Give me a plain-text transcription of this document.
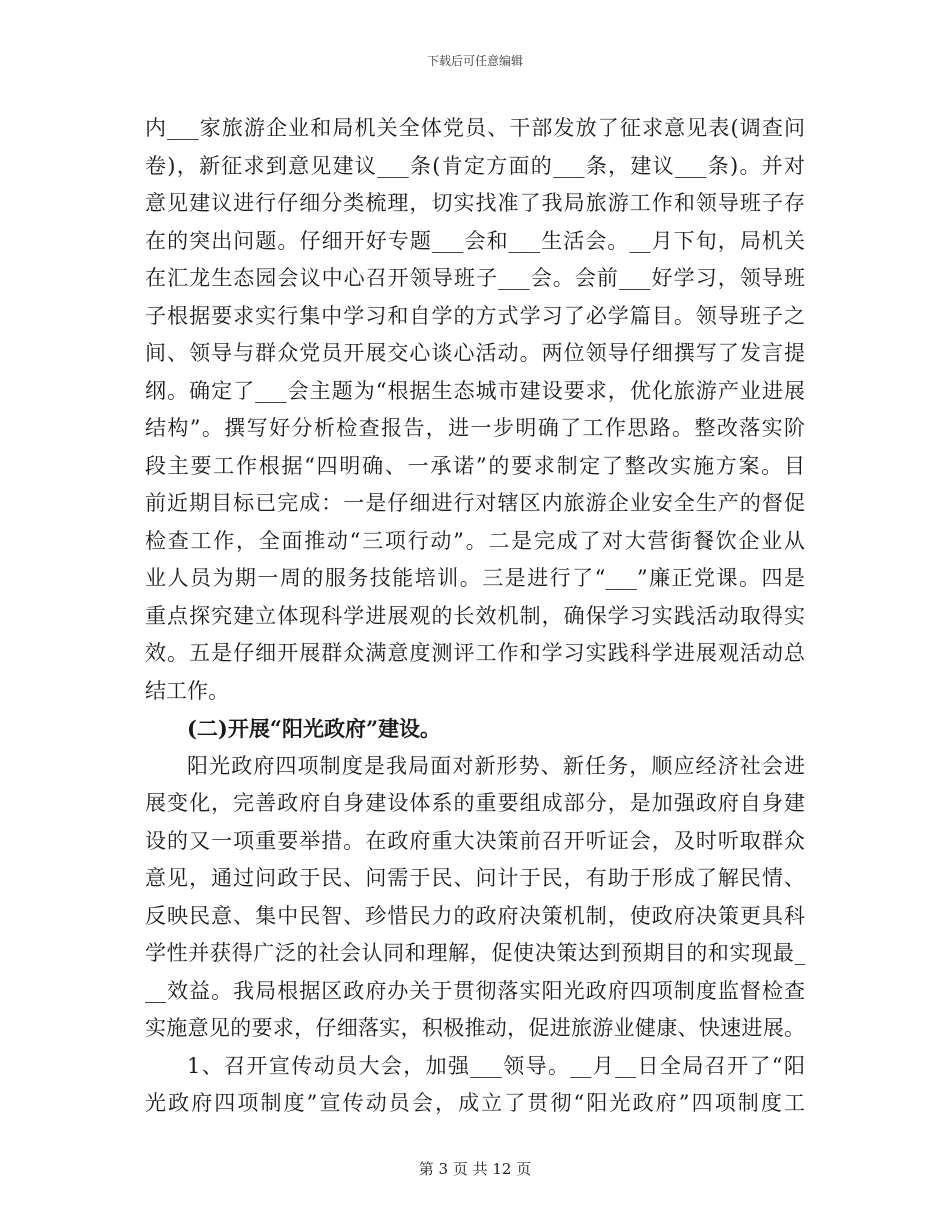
下载后可任意编辑
内___家旅游企业和局机关全体党员、干部发放了征求意见表(调查问
卷)，新征求到意见建议___条(肯定方面的___条，建议___条)。并对
意见建议进行仔细分类梳理，切实找准了我局旅游工作和领导班子存
在的突出问题。仔细开好专题___会和___生活会。__月下旬，局机关
在汇龙生态园会议中心召开领导班子___会。会前___好学习，领导班
子根据要求实行集中学习和自学的方式学习了必学篇目。领导班子之
间、领导与群众党员开展交心谈心活动。两位领导仔细撰写了发言提
纲。确定了___会主题为“根据生态城市建设要求，优化旅游产业进展
结构”。撰写好分析检查报告，进一步明确了工作思路。整改落实阶
段主要工作根据“四明确、一承诺”的要求制定了整改实施方案。目
前近期目标已完成：一是仔细进行对辖区内旅游企业安全生产的督促
检查工作，全面推动“三项行动”。二是完成了对大营街餐饮企业从
业人员为期一周的服务技能培训。三是进行了“___”廉正党课。四是
重点探究建立体现科学进展观的长效机制，确保学习实践活动取得实
效。五是仔细开展群众满意度测评工作和学习实践科学进展观活动总
结工作。
(二)开展“阳光政府”建设。
阳光政府四项制度是我局面对新形势、新任务，顺应经济社会进
展变化，完善政府自身建设体系的重要组成部分，是加强政府自身建
设的又一项重要举措。在政府重大决策前召开听证会，及时听取群众
意见，通过问政于民、问需于民、问计于民，有助于形成了解民情、
反映民意、集中民智、珍惜民力的政府决策机制，使政府决策更具科
学性并获得广泛的社会认同和理解，促使决策达到预期目的和实现最_
__效益。我局根据区政府办关于贯彻落实阳光政府四项制度监督检查
实施意见的要求，仔细落实，积极推动，促进旅游业健康、快速进展。
1、召开宣传动员大会，加强___领导。__月__日全局召开了“阳
光政府四项制度”宣传动员会，成立了贯彻“阳光政府”四项制度工
第 3 页 共 12 页
